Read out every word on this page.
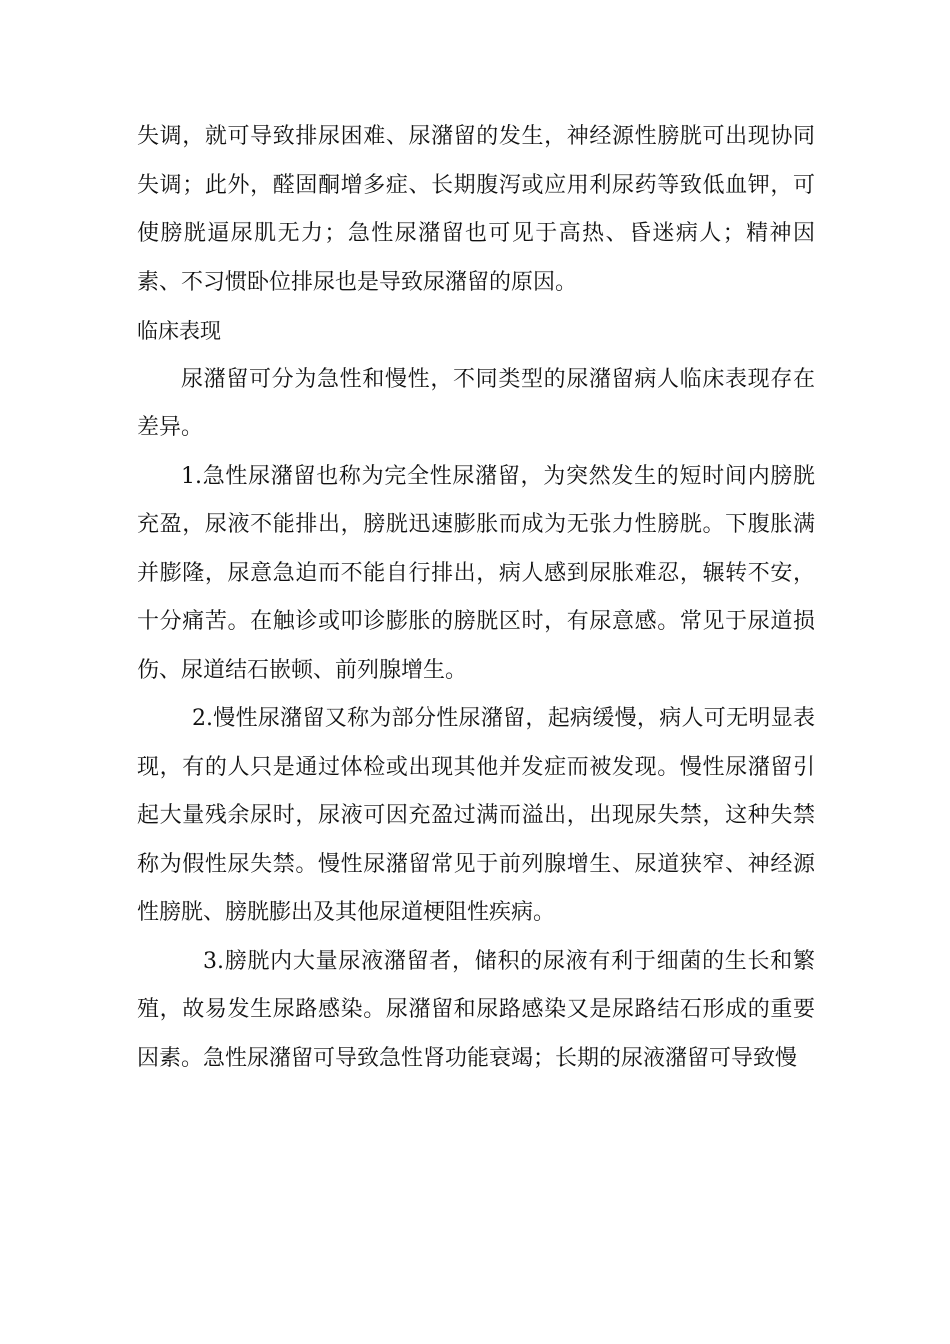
失调，就可导致排尿困难、尿潴留的发生，神经源性膀胱可出现协同失调；此外，醛固酮增多症、长期腹泻或应用利尿药等致低血钾，可使膀胱逼尿肌无力；急性尿潴留也可见于高热、昏迷病人；精神因素、不习惯卧位排尿也是导致尿潴留的原因。

临床表现

尿潴留可分为急性和慢性，不同类型的尿潴留病人临床表现存在差异。

1.急性尿潴留也称为完全性尿潴留，为突然发生的短时间内膀胱充盈，尿液不能排出，膀胱迅速膨胀而成为无张力性膀胱。下腹胀满并膨隆，尿意急迫而不能自行排出，病人感到尿胀难忍，辗转不安，十分痛苦。在触诊或叩诊膨胀的膀胱区时，有尿意感。常见于尿道损伤、尿道结石嵌顿、前列腺增生。

2.慢性尿潴留又称为部分性尿潴留，起病缓慢，病人可无明显表现，有的人只是通过体检或出现其他并发症而被发现。慢性尿潴留引起大量残余尿时，尿液可因充盈过满而溢出，出现尿失禁，这种失禁称为假性尿失禁。慢性尿潴留常见于前列腺增生、尿道狭窄、神经源性膀胱、膀胱膨出及其他尿道梗阻性疾病。

3.膀胱内大量尿液潴留者，储积的尿液有利于细菌的生长和繁殖，故易发生尿路感染。尿潴留和尿路感染又是尿路结石形成的重要因素。急性尿潴留可导致急性肾功能衰竭；长期的尿液潴留可导致慢
